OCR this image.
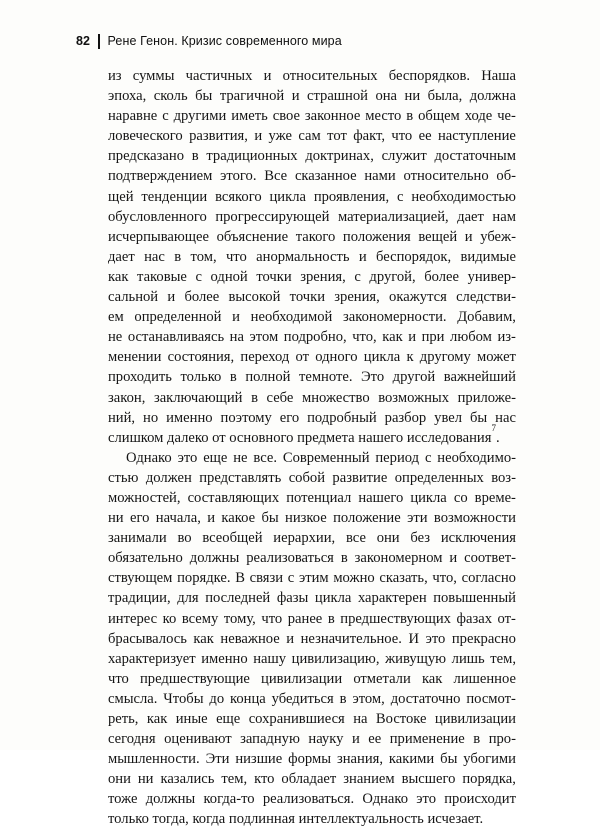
82 Рене Генон. Кризис современного мира
из суммы частичных и относительных беспорядков. Наша
эпоха, сколь бы трагичной и страшной она ни была, должна
наравне с другими иметь свое законное место в общем ходе че-
ловеческого развития, и уже сам тот факт, что ее наступление
предсказано в традиционных доктринах, служит достаточным
подтверждением этого. Все сказанное нами относительно об-
щей тенденции всякого цикла проявления, с необходимостью
обусловленного прогрессирующей материализацией, дает нам
исчерпывающее объяснение такого положения вещей и убеж-
дает нас в том, что анормальность и беспорядок, видимые
как таковые с одной точки зрения, с другой, более универ-
сальной и более высокой точки зрения, окажутся следстви-
ем определенной и необходимой закономерности. Добавим,
не останавливаясь на этом подробно, что, как и при любом из-
менении состояния, переход от одного цикла к другому может
проходить только в полной темноте. Это другой важнейший
закон, заключающий в себе множество возможных приложе-
ний, но именно поэтому его подробный разбор увел бы нас
слишком далеко от основного предмета нашего исследования
7
.
Однако это еще не все. Современный период с необходимо-
стью должен представлять собой развитие определенных воз-
можностей, составляющих потенциал нашего цикла со време-
ни его начала, и какое бы низкое положение эти возможности
занимали во всеобщей иерархии, все они без исключения
обязательно должны реализоваться в закономерном и соответ-
ствующем порядке. В связи с этим можно сказать, что, согласно
традиции, для последней фазы цикла характерен повышенный
интерес ко всему тому, что ранее в предшествующих фазах от-
брасывалось как неважное и незначительное. И это прекрасно
характеризует именно нашу цивилизацию, живущую лишь тем,
что предшествующие цивилизации отметали как лишенное
смысла. Чтобы до конца убедиться в этом, достаточно посмот-
реть, как иные еще сохранившиеся на Востоке цивилизации
сегодня оценивают западную науку и ее применение в про-
мышленности. Эти низшие формы знания, какими бы убогими
они ни казались тем, кто обладает знанием высшего порядка,
тоже должны когда-то реализоваться. Однако это происходит
только тогда, когда подлинная интеллектуальность исчезает.
